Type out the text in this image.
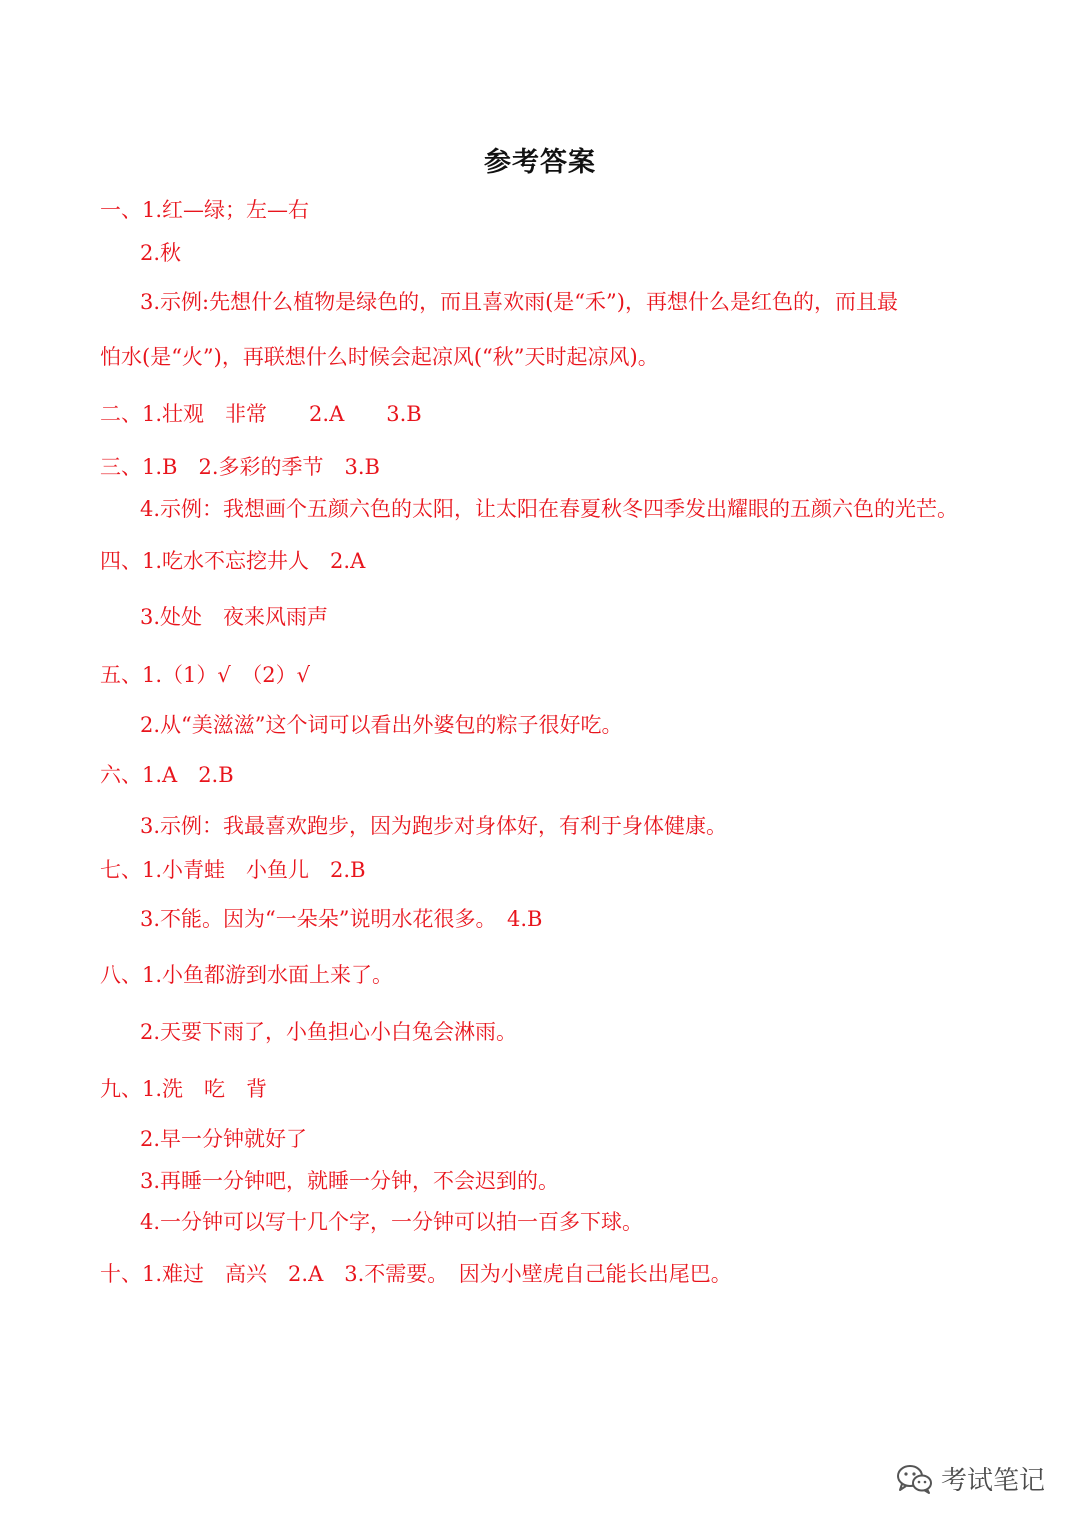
参考答案
一、1.红—绿；左—右
2.秋
3.示例:先想什么植物是绿色的，而且喜欢雨(是“禾”)，再想什么是红色的，而且最
怕水(是“火”)，再联想什么时候会起凉风(“秋”天时起凉风)。
二、1.壮观　非常　　2.A　　3.B
三、1.B　2.多彩的季节　3.B
4.示例：我想画个五颜六色的太阳，让太阳在春夏秋冬四季发出耀眼的五颜六色的光芒。
四、1.吃水不忘挖井人　2.A
3.处处　夜来风雨声
五、1.（1）√　（2）√
2.从“美滋滋”这个词可以看出外婆包的粽子很好吃。
六、1.A　2.B
3.示例：我最喜欢跑步，因为跑步对身体好，有利于身体健康。
七、1.小青蛙　小鱼儿　2.B
3.不能。因为“一朵朵”说明水花很多。　4.B
八、1.小鱼都游到水面上来了。
2.天要下雨了，小鱼担心小白兔会淋雨。
九、1.洗　吃　背
2.早一分钟就好了
3.再睡一分钟吧，就睡一分钟，不会迟到的。
4.一分钟可以写十几个字，一分钟可以拍一百多下球。
十、1.难过　高兴　2.A　3.不需要。　因为小壁虎自己能长出尾巴。
考试笔记
